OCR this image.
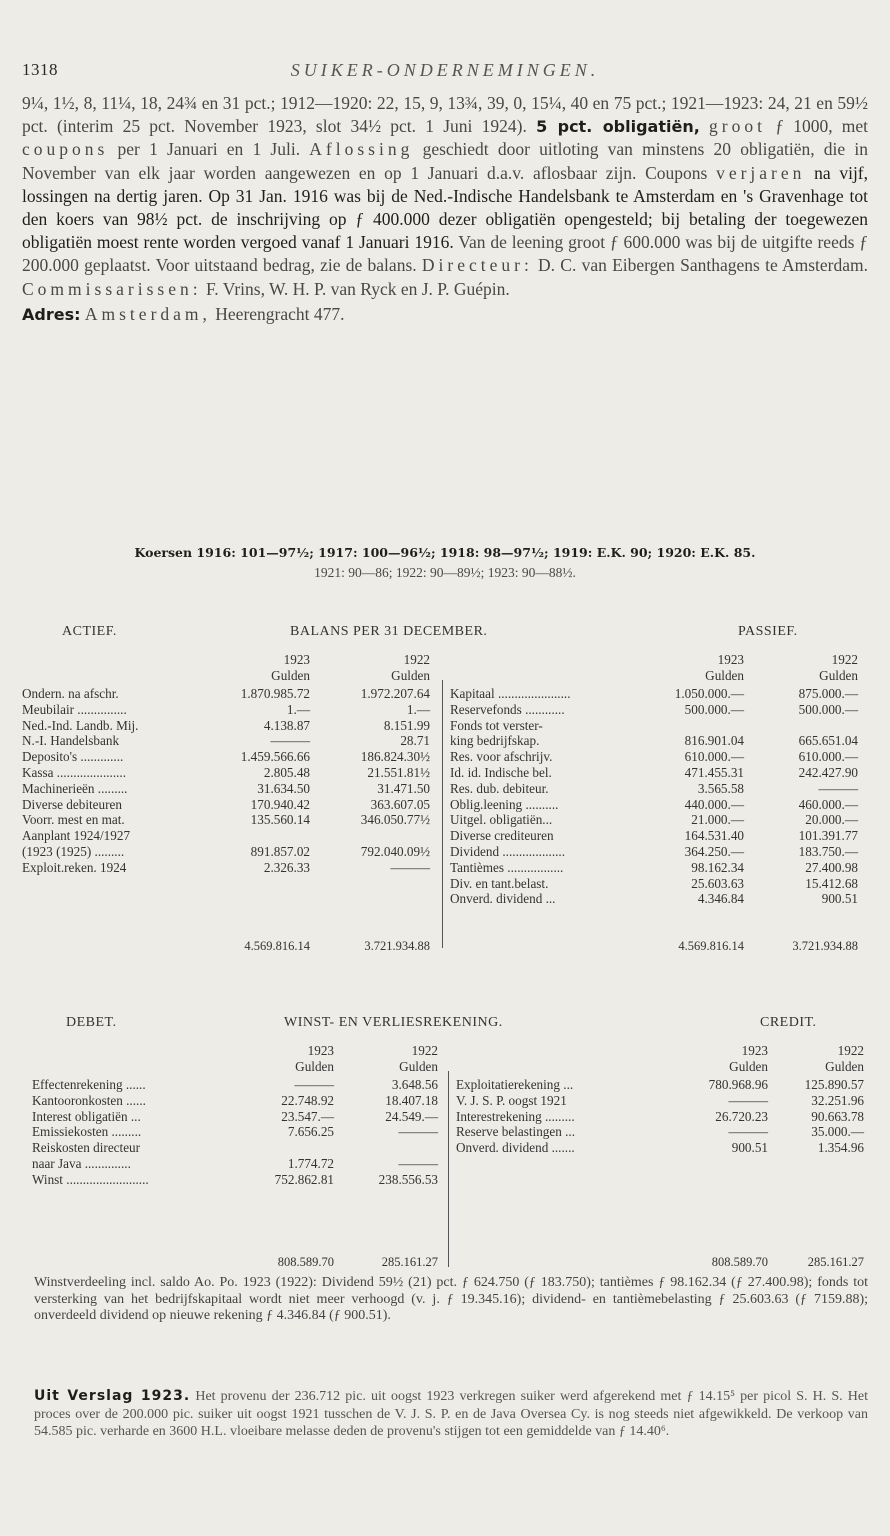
1318	SUIKER-ONDERNEMINGEN.

9¼, 1½, 8, 11¼, 18, 24¾ en 31 pct.; 1912—1920: 22, 15, 9, 13¾, 39, 0, 15¼, 40 en 75 pct.; 1921—1923: 24, 21 en 59½ pct. (interim 25 pct. November 1923, slot 34½ pct. 1 Juni 1924). 5 pct. obligatiën, groot ƒ 1000, met coupons per 1 Januari en 1 Juli. Aflossing geschiedt door uitloting van minstens 20 obligatiën, die in November van elk jaar worden aangewezen en op 1 Januari d.a.v. aflosbaar zijn. Coupons verjaren na vijf, lossingen na dertig jaren. Op 31 Jan. 1916 was bij de Ned.-Indische Handelsbank te Amsterdam en 's Gravenhage tot den koers van 98½ pct. de inschrijving op ƒ 400.000 dezer obligatiën opengesteld; bij betaling der toegewezen obligatiën moest rente worden vergoed vanaf 1 Januari 1916. Van de leening groot ƒ 600.000 was bij de uitgifte reeds ƒ 200.000 geplaatst. Voor uitstaand bedrag, zie de balans. Directeur: D. C. van Eibergen Santhagens te Amsterdam. Commissarissen: F. Vrins, W. H. P. van Ryck en J. P. Guépin.

Adres: Amsterdam, Heerengracht 477.

Koersen 1916: 101—97½; 1917: 100—96½; 1918: 98—97½; 1919: E.K. 90; 1920: E.K. 85.
1921: 90—86; 1922: 90—89½; 1923: 90—88½.
ACTIEF.	BALANS PER 31 DECEMBER.	PASSIEF.
1923
Gulden
1922
Gulden
1923
Gulden
1922
Gulden
Ondern. na afschr.	1.870.985.72	1.972.207.64
Meubilair ...............	1.—	1.—
Ned.-Ind. Landb. Mij.	4.138.87	8.151.99
N.-I. Handelsbank	———	28.71
Deposito's .............	1.459.566.66	186.824.30½
Kassa .....................	2.805.48	21.551.81½
Machinerieën .........	31.634.50	31.471.50
Diverse debiteuren	170.940.42	363.607.05
Voorr. mest en mat.	135.560.14	346.050.77½
Aanplant 1924/1927
(1923 (1925) .........	891.857.02	792.040.09½
Exploit.reken. 1924	2.326.33	———
Kapitaal ......................	1.050.000.—	875.000.—
Reservefonds ............	500.000.—	500.000.—
Fonds tot verster-
king bedrijfskap.	816.901.04	665.651.04
Res. voor afschrijv.	610.000.—	610.000.—
Id. id. Indische bel.	471.455.31	242.427.90
Res. dub. debiteur.	3.565.58	———
Oblig.leening ..........	440.000.—	460.000.—
Uitgel. obligatiën...	21.000.—	20.000.—
Diverse crediteuren	164.531.40	101.391.77
Dividend ...................	364.250.—	183.750.—
Tantièmes .................	98.162.34	27.400.98
Div. en tant.belast.	25.603.63	15.412.68
Onverd. dividend ...	4.346.84	900.51
4.569.816.14	3.721.934.88	4.569.816.14	3.721.934.88
DEBET.	WINST- EN VERLIESREKENING.	CREDIT.
1923
Gulden
1922
Gulden
1923
Gulden
1922
Gulden
Effectenrekening ......	———	3.648.56
Kantooronkosten ......	22.748.92	18.407.18
Interest obligatiën ...	23.547.—	24.549.—
Emissiekosten .........	7.656.25	———
Reiskosten directeur
naar Java ..............	1.774.72	———
Winst .........................	752.862.81	238.556.53
Exploitatierekening ...	780.968.96	125.890.57
V. J. S. P. oogst 1921	———	32.251.96
Interestrekening .........	26.720.23	90.663.78
Reserve belastingen ...	———	35.000.—
Onverd. dividend .......	900.51	1.354.96
808.589.70	285.161.27	808.589.70	285.161.27
Winstverdeeling incl. saldo Ao. Po. 1923 (1922): Dividend 59½ (21) pct. ƒ 624.750 (ƒ 183.750); tantièmes ƒ 98.162.34 (ƒ 27.400.98); fonds tot versterking van het bedrijfskapitaal wordt niet meer verhoogd (v. j. ƒ 19.345.16); dividend- en tantièmebelasting ƒ 25.603.63 (ƒ 7159.88); onverdeeld dividend op nieuwe rekening ƒ 4.346.84 (ƒ 900.51).
Uit Verslag 1923. Het provenu der 236.712 pic. uit oogst 1923 verkregen suiker werd afgerekend met ƒ 14.15⁵ per picol S. H. S. Het proces over de 200.000 pic. suiker uit oogst 1921 tusschen de V. J. S. P. en de Java Oversea Cy. is nog steeds niet afgewikkeld. De verkoop van 54.585 pic. verharde en 3600 H.L. vloeibare melasse deden de provenu's stijgen tot een gemiddelde van ƒ 14.40⁶.
